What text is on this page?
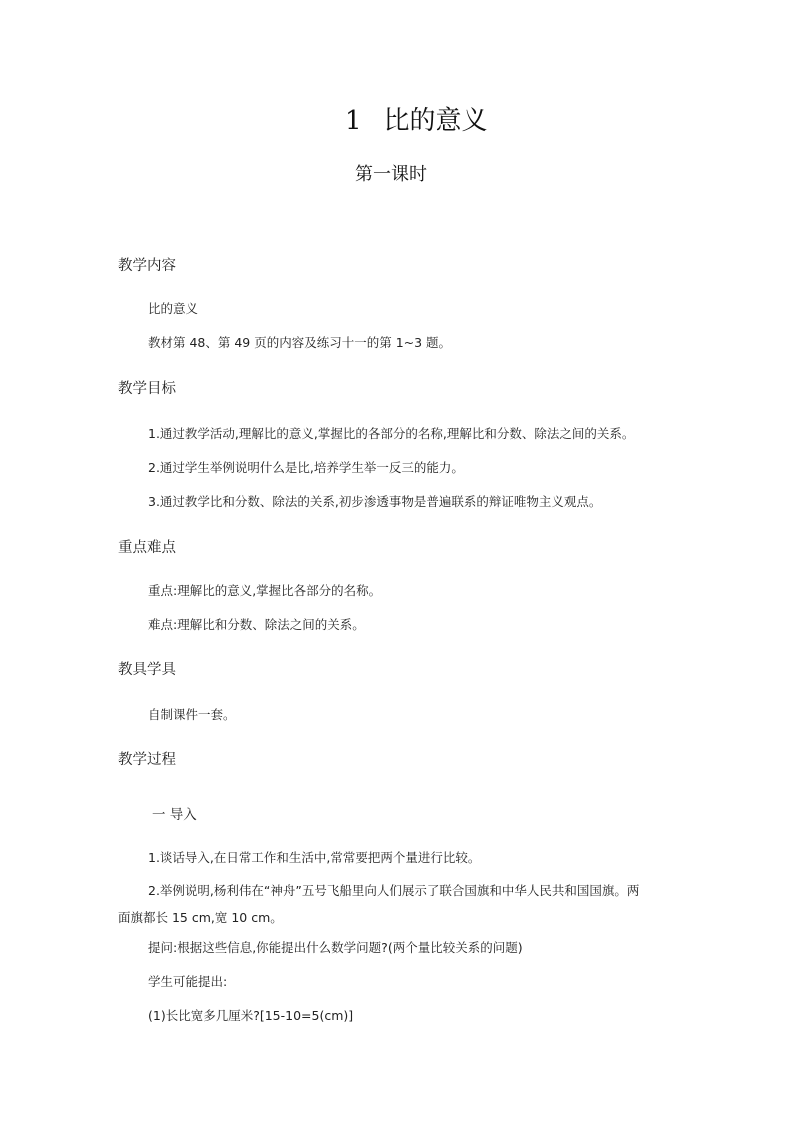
1 比的意义
第一课时
教学内容
比的意义
教材第 48、第 49 页的内容及练习十一的第 1~3 题。
教学目标
1.通过教学活动,理解比的意义,掌握比的各部分的名称,理解比和分数、除法之间的关系。
2.通过学生举例说明什么是比,培养学生举一反三的能力。
3.通过教学比和分数、除法的关系,初步渗透事物是普遍联系的辩证唯物主义观点。
重点难点
重点:理解比的意义,掌握比各部分的名称。
难点:理解比和分数、除法之间的关系。
教具学具
自制课件一套。
教学过程
一 导入
1.谈话导入,在日常工作和生活中,常常要把两个量进行比较。
2.举例说明,杨利伟在“神舟”五号飞船里向人们展示了联合国旗和中华人民共和国国旗。两面旗都长 15 cm,宽 10 cm。
提问:根据这些信息,你能提出什么数学问题?(两个量比较关系的问题)
学生可能提出:
(1)长比宽多几厘米?[15-10=5(cm)]
